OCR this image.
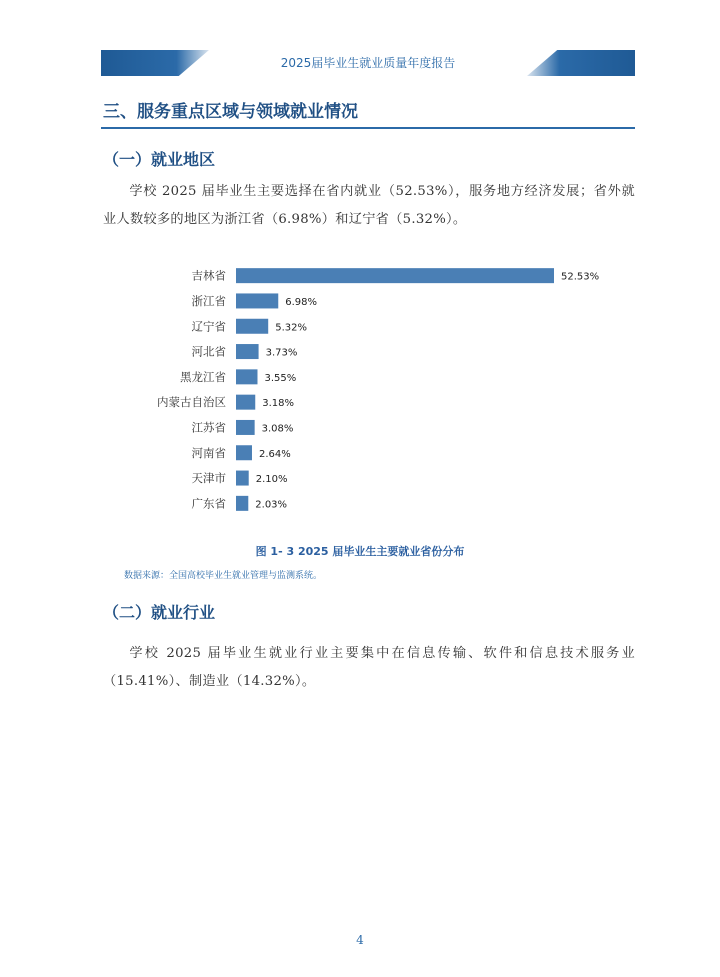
2025届毕业生就业质量年度报告
三、服务重点区域与领域就业情况
（一）就业地区
学校 2025 届毕业生主要选择在省内就业（52.53%），服务地方经济发展；省外就业人数较多的地区为浙江省（6.98%）和辽宁省（5.32%）。
吉林省	52.53%
浙江省	6.98%
辽宁省	5.32%
河北省	3.73%
黑龙江省	3.55%
内蒙古自治区	3.18%
江苏省	3.08%
河南省	2.64%
天津市	2.10%
广东省	2.03%
图 1- 3 2025 届毕业生主要就业省份分布
数据来源：全国高校毕业生就业管理与监测系统。
（二）就业行业
学校 2025 届毕业生就业行业主要集中在信息传输、软件和信息技术服务业（15.41%）、制造业（14.32%）。
4
